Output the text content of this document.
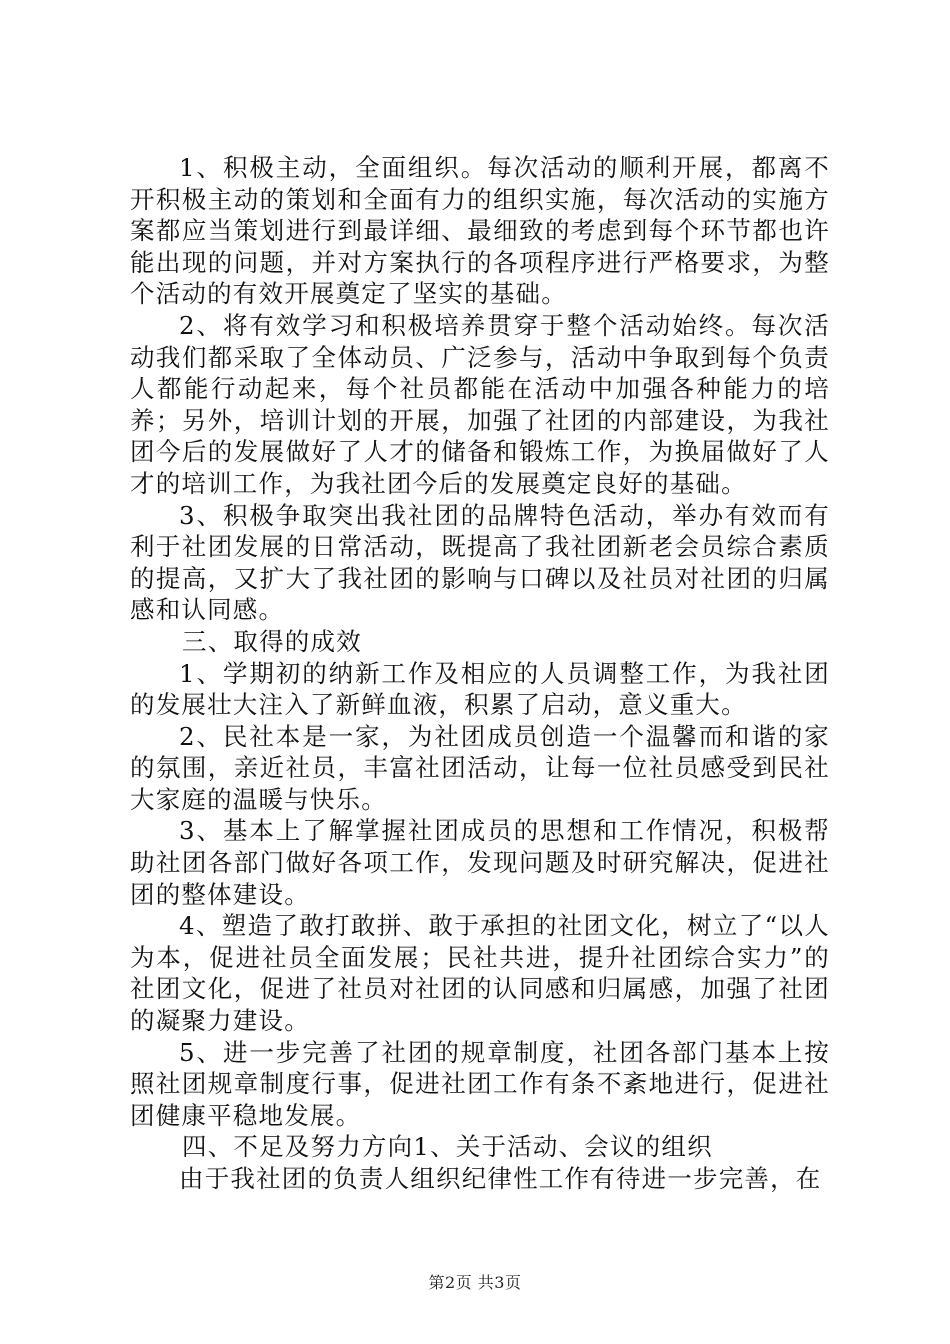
1、积极主动，全面组织。每次活动的顺利开展，都离不开积极主动的策划和全面有力的组织实施，每次活动的实施方案都应当策划进行到最详细、最细致的考虑到每个环节都也许能出现的问题，并对方案执行的各项程序进行严格要求，为整个活动的有效开展奠定了坚实的基础。

2、将有效学习和积极培养贯穿于整个活动始终。每次活动我们都采取了全体动员、广泛参与，活动中争取到每个负责人都能行动起来，每个社员都能在活动中加强各种能力的培养；另外，培训计划的开展，加强了社团的内部建设，为我社团今后的发展做好了人才的储备和锻炼工作，为换届做好了人才的培训工作，为我社团今后的发展奠定良好的基础。

3、积极争取突出我社团的品牌特色活动，举办有效而有利于社团发展的日常活动，既提高了我社团新老会员综合素质的提高，又扩大了我社团的影响与口碑以及社员对社团的归属感和认同感。

三、取得的成效

1、学期初的纳新工作及相应的人员调整工作，为我社团的发展壮大注入了新鲜血液，积累了启动，意义重大。

2、民社本是一家，为社团成员创造一个温馨而和谐的家的氛围，亲近社员，丰富社团活动，让每一位社员感受到民社大家庭的温暖与快乐。

3、基本上了解掌握社团成员的思想和工作情况，积极帮助社团各部门做好各项工作，发现问题及时研究解决，促进社团的整体建设。

4、塑造了敢打敢拼、敢于承担的社团文化，树立了“以人为本，促进社员全面发展；民社共进，提升社团综合实力”的社团文化，促进了社员对社团的认同感和归属感，加强了社团的凝聚力建设。

5、进一步完善了社团的规章制度，社团各部门基本上按照社团规章制度行事，促进社团工作有条不紊地进行，促进社团健康平稳地发展。

四、不足及努力方向1、关于活动、会议的组织

由于我社团的负责人组织纪律性工作有待进一步完善，在

第2页 共3页
